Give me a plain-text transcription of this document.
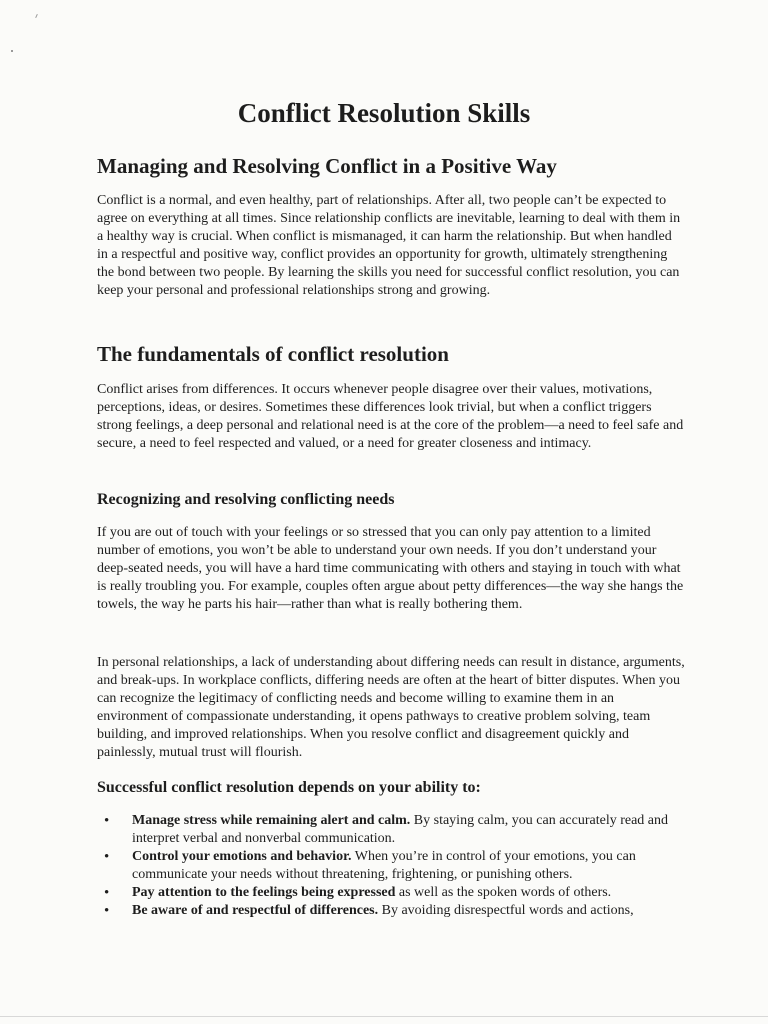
Conflict Resolution Skills
Managing and Resolving Conflict in a Positive Way

Conflict is a normal, and even healthy, part of relationships. After all, two people can’t be expected to agree on everything at all times. Since relationship conflicts are inevitable, learning to deal with them in a healthy way is crucial. When conflict is mismanaged, it can harm the relationship. But when handled in a respectful and positive way, conflict provides an opportunity for growth, ultimately strengthening the bond between two people. By learning the skills you need for successful conflict resolution, you can keep your personal and professional relationships strong and growing.

The fundamentals of conflict resolution

Conflict arises from differences. It occurs whenever people disagree over their values, motivations, perceptions, ideas, or desires. Sometimes these differences look trivial, but when a conflict triggers strong feelings, a deep personal and relational need is at the core of the problem—a need to feel safe and secure, a need to feel respected and valued, or a need for greater closeness and intimacy.

Recognizing and resolving conflicting needs

If you are out of touch with your feelings or so stressed that you can only pay attention to a limited number of emotions, you won’t be able to understand your own needs. If you don’t understand your deep-seated needs, you will have a hard time communicating with others and staying in touch with what is really troubling you. For example, couples often argue about petty differences—the way she hangs the towels, the way he parts his hair—rather than what is really bothering them.

In personal relationships, a lack of understanding about differing needs can result in distance, arguments, and break-ups. In workplace conflicts, differing needs are often at the heart of bitter disputes. When you can recognize the legitimacy of conflicting needs and become willing to examine them in an environment of compassionate understanding, it opens pathways to creative problem solving, team building, and improved relationships. When you resolve conflict and disagreement quickly and painlessly, mutual trust will flourish.

Successful conflict resolution depends on your ability to:
• Manage stress while remaining alert and calm. By staying calm, you can accurately read and interpret verbal and nonverbal communication.
• Control your emotions and behavior. When you’re in control of your emotions, you can communicate your needs without threatening, frightening, or punishing others.
• Pay attention to the feelings being expressed as well as the spoken words of others.
• Be aware of and respectful of differences. By avoiding disrespectful words and actions,
